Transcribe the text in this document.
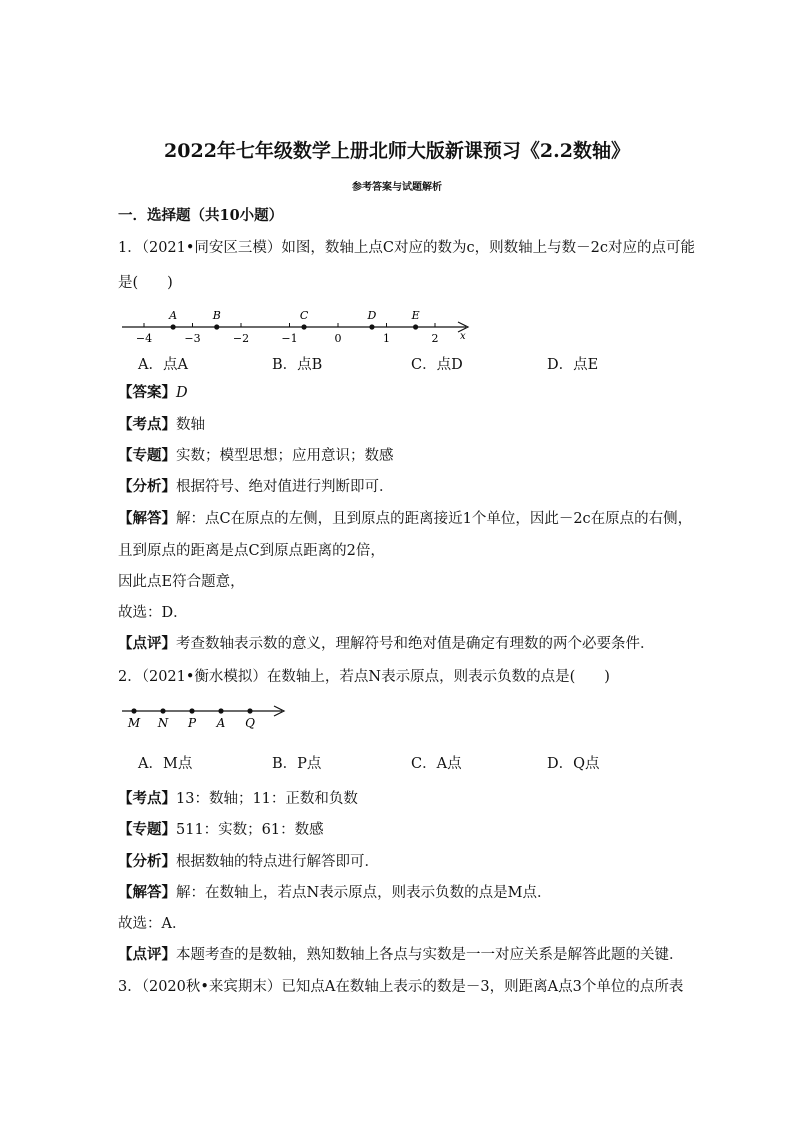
2022年七年级数学上册北师大版新课预习《2.2数轴》
参考答案与试题解析
一．选择题（共10小题）
1．（2021•同安区三模）如图，数轴上点C对应的数为c，则数轴上与数－2c对应的点可能
是(　　)
x
−4	−3	−2	−1	0	1	2
A	B	C	D	E
A．点A	B．点B	C．点D	D．点E
【答案】D
【考点】数轴
【专题】实数；模型思想；应用意识；数感
【分析】根据符号、绝对值进行判断即可．
【解答】解：点C在原点的左侧，且到原点的距离接近1个单位，因此－2c在原点的右侧，
且到原点的距离是点C到原点距离的2倍，
因此点E符合题意，
故选：D．
【点评】考查数轴表示数的意义，理解符号和绝对值是确定有理数的两个必要条件．
2．（2021•衡水模拟）在数轴上，若点N表示原点，则表示负数的点是(　　)
M N P A Q
A．M点	B．P点	C．A点	D．Q点
【考点】13：数轴；11：正数和负数
【专题】511：实数；61：数感
【分析】根据数轴的特点进行解答即可．
【解答】解：在数轴上，若点N表示原点，则表示负数的点是M点．
故选：A．
【点评】本题考查的是数轴，熟知数轴上各点与实数是一一对应关系是解答此题的关键．
3．（2020秋•来宾期末）已知点A在数轴上表示的数是－3，则距离A点3个单位的点所表
